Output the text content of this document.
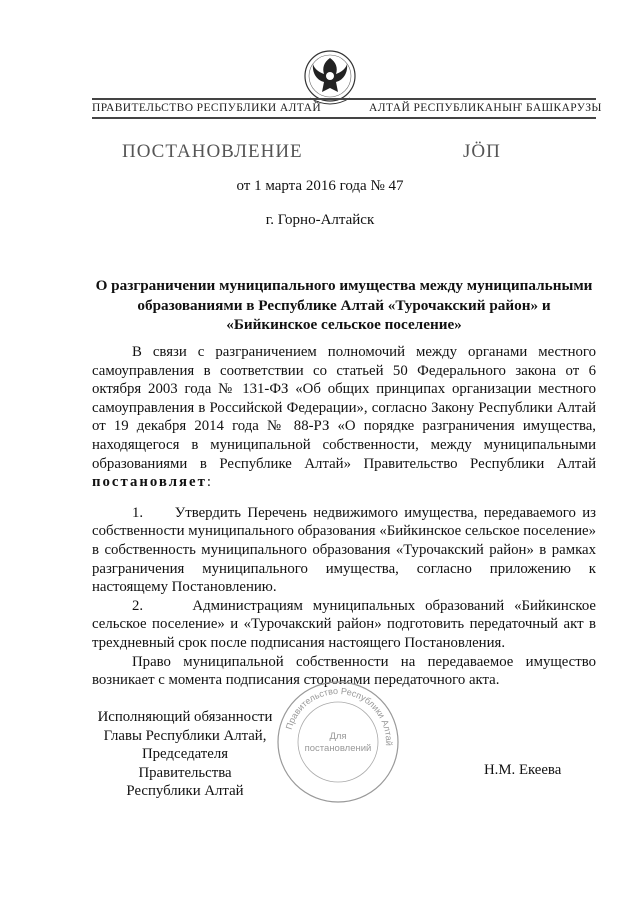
ПРАВИТЕЛЬСТВО РЕСПУБЛИКИ АЛТАЙ	АЛТАЙ РЕСПУБЛИКАНЫҤ БАШКАРУЗЫ
ПОСТАНОВЛЕНИЕ	JӦП
от 1 марта 2016 года № 47
г. Горно-Алтайск
О разграничении муниципального имущества между муниципальными
образованиями в Республике Алтай «Турочакский район» и
«Бийкинское сельское поселение»

В связи с разграничением полномочий между органами местного самоуправления в соответствии со статьей 50 Федерального закона от 6 октября 2003 года № 131-ФЗ «Об общих принципах организации местного самоуправления в Российской Федерации», согласно Закону Республики Алтай от 19 декабря 2014 года № 88-РЗ «О порядке разграничения имущества, находящегося в муниципальной собственности, между муниципальными образованиями в Республике Алтай» Правительство Республики Алтай постановляет:

1.     Утвердить Перечень недвижимого имущества, передаваемого из собственности муниципального образования «Бийкинское сельское поселение» в собственность муниципального образования «Турочакский район» в рамках разграничения муниципального имущества, согласно приложению к настоящему Постановлению.

2.     Администрациям муниципальных образований «Бийкинское сельское поселение» и «Турочакский район» подготовить передаточный акт в трехдневный срок после подписания настоящего Постановления.

Право муниципальной собственности на передаваемое имущество возникает с момента подписания сторонами передаточного акта.

Исполняющий обязанности
Главы Республики Алтай,
Председателя Правительства
Республики Алтай
Правительство Республики Алтай
Для
постановлений
Н.М. Екеева
